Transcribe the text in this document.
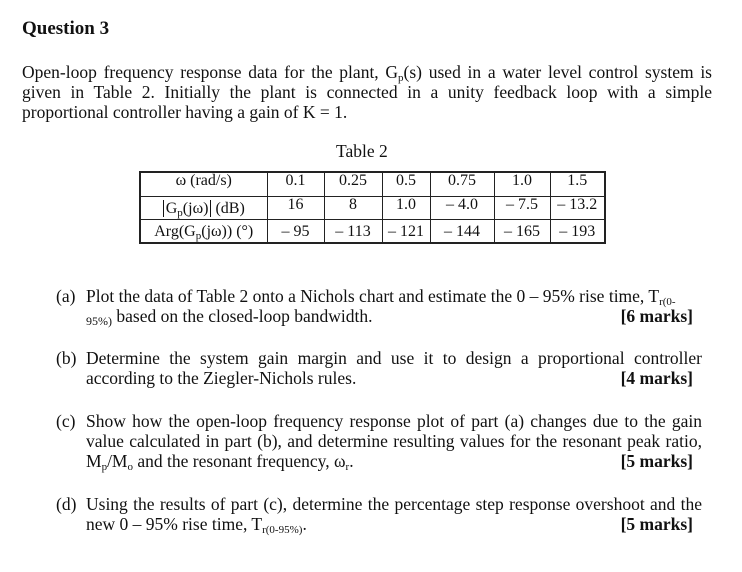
Question 3
Open-loop frequency response data for the plant, $G_p(s)$ used in a water level control system is given in Table 2. Initially the plant is connected in a unity feedback loop with a simple proportional controller having a gain of K = 1.
Table 2
ω (rad/s)	0.1	0.25	0.5	0.75	1.0	1.5
$G_p(j\omega)$ (dB)	16	8	1.0	– 4.0	– 7.5	– 13.2
$Arg(G_p(j\omega))$ (°)	– 95	– 113	– 121	– 144	– 165	– 193
(a) Plot the data of Table 2 onto a Nichols chart and estimate the 0 – 95% rise time, $T_{r(0-}$
$_{95\%)}$ based on the closed-loop bandwidth.	[6 marks]
(b) Determine the system gain margin and use it to design a proportional controller according to the Ziegler-Nichols rules.	[4 marks]
(c) Show how the open-loop frequency response plot of part (a) changes due to the gain value calculated in part (b), and determine resulting values for the resonant peak ratio, $M_p/M_o$ and the resonant frequency, $\omega_r$.	[5 marks]
(d) Using the results of part (c), determine the percentage step response overshoot and the new 0 – 95% rise time, $T_{r(0-95\%)}$.	[5 marks]
